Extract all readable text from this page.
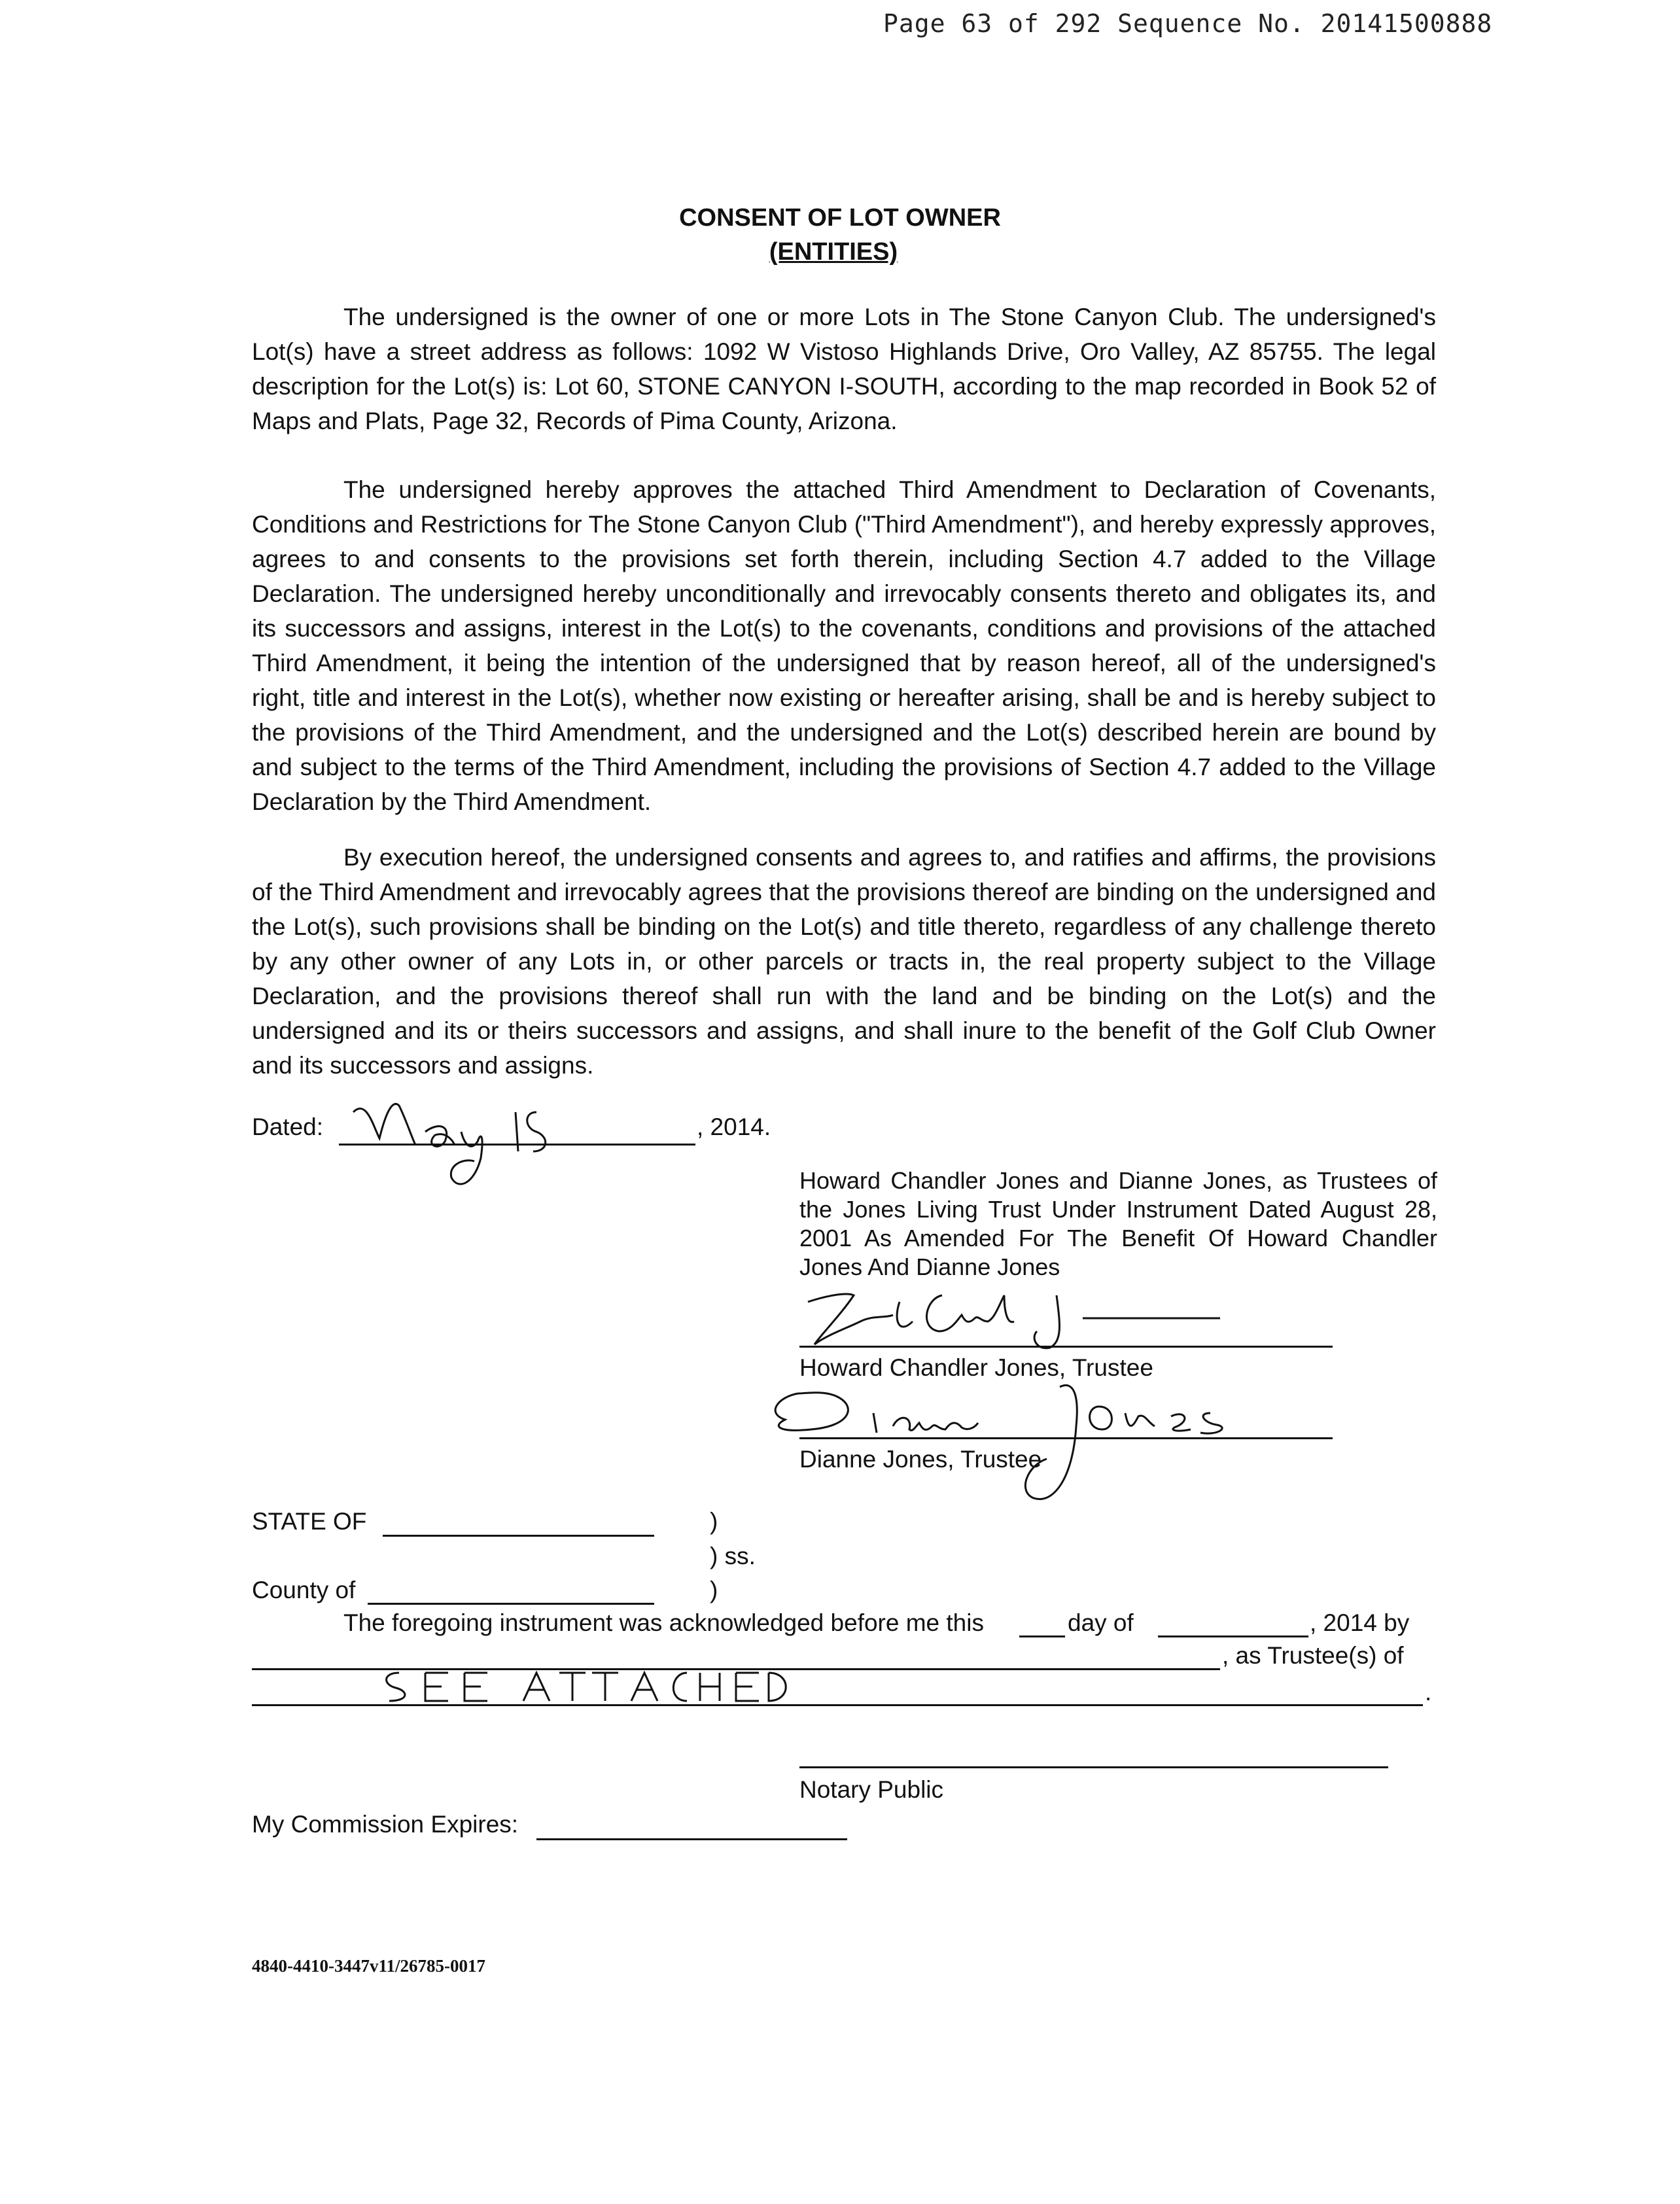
Page 63 of 292 Sequence No. 20141500888
CONSENT OF LOT OWNER
(ENTITIES)
The undersigned is the owner of one or more Lots in The Stone Canyon Club. The undersigned's Lot(s) have a street address as follows: 1092 W Vistoso Highlands Drive, Oro Valley, AZ 85755. The legal description for the Lot(s) is: Lot 60, STONE CANYON I-SOUTH, according to the map recorded in Book 52 of Maps and Plats, Page 32, Records of Pima County, Arizona.
The undersigned hereby approves the attached Third Amendment to Declaration of Covenants, Conditions and Restrictions for The Stone Canyon Club ("Third Amendment"), and hereby expressly approves, agrees to and consents to the provisions set forth therein, including Section 4.7 added to the Village Declaration. The undersigned hereby unconditionally and irrevocably consents thereto and obligates its, and its successors and assigns, interest in the Lot(s) to the covenants, conditions and provisions of the attached Third Amendment, it being the intention of the undersigned that by reason hereof, all of the undersigned's right, title and interest in the Lot(s), whether now existing or hereafter arising, shall be and is hereby subject to the provisions of the Third Amendment, and the undersigned and the Lot(s) described herein are bound by and subject to the terms of the Third Amendment, including the provisions of Section 4.7 added to the Village Declaration by the Third Amendment.
By execution hereof, the undersigned consents and agrees to, and ratifies and affirms, the provisions of the Third Amendment and irrevocably agrees that the provisions thereof are binding on the undersigned and the Lot(s), such provisions shall be binding on the Lot(s) and title thereto, regardless of any challenge thereto by any other owner of any Lots in, or other parcels or tracts in, the real property subject to the Village Declaration, and the provisions thereof shall run with the land and be binding on the Lot(s) and the undersigned and its or theirs successors and assigns, and shall inure to the benefit of the Golf Club Owner and its successors and assigns.
Dated:
May 15
, 2014.
Howard Chandler Jones and Dianne Jones, as Trustees of the Jones Living Trust Under Instrument Dated August 28, 2001 As Amended For The Benefit Of Howard Chandler Jones And Dianne Jones
Howard Chandler Jones
Howard Chandler Jones, Trustee
Dianne Jones
Dianne Jones, Trustee
STATE OF	)
) ss.
County of	)
The foregoing instrument was acknowledged before me this	day of	, 2014 by
, as Trustee(s) of
SEE ATTACHED
.
Notary Public
My Commission Expires:
4840-4410-3447v11/26785-0017
